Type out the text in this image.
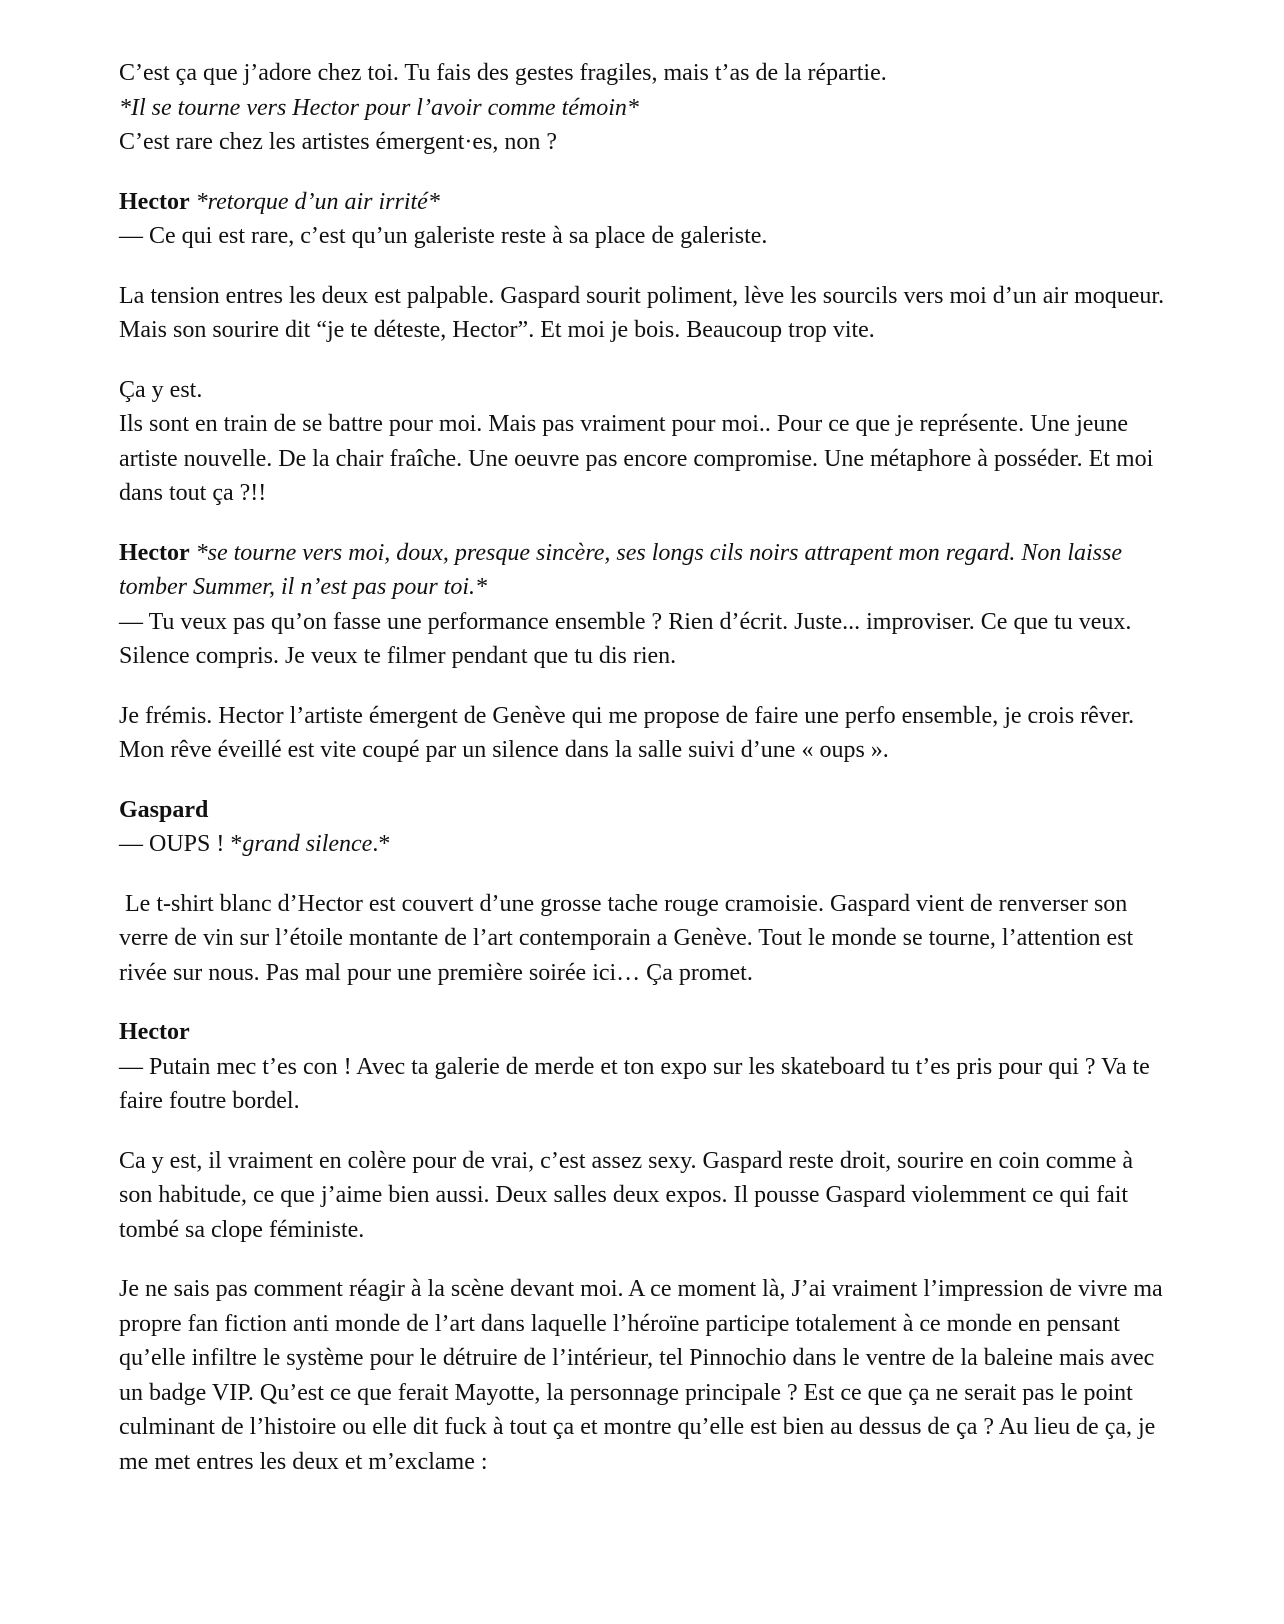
C’est ça que j’adore chez toi. Tu fais des gestes fragiles, mais t’as de la répartie.
*Il se tourne vers Hector pour l’avoir comme témoin*
C’est rare chez les artistes émergent·es, non ?

Hector *retorque d’un air irrité*
— Ce qui est rare, c’est qu’un galeriste reste à sa place de galeriste.

La tension entres les deux est palpable. Gaspard sourit poliment, lève les sourcils vers moi d’un air moqueur. Mais son sourire dit “je te déteste, Hector”. Et moi je bois. Beaucoup trop vite.

Ça y est.
Ils sont en train de se battre pour moi. Mais pas vraiment pour moi.. Pour ce que je représente. Une jeune artiste nouvelle. De la chair fraîche. Une oeuvre pas encore compromise. Une métaphore à posséder. Et moi dans tout ça ?!!

Hector *se tourne vers moi, doux, presque sincère, ses longs cils noirs attrapent mon regard. Non laisse tomber Summer, il n’est pas pour toi.*
— Tu veux pas qu’on fasse une performance ensemble ? Rien d’écrit. Juste... improviser. Ce que tu veux. Silence compris. Je veux te filmer pendant que tu dis rien.

Je frémis. Hector l’artiste émergent de Genève qui me propose de faire une perfo ensemble, je crois rêver. Mon rêve éveillé est vite coupé par un silence dans la salle suivi d’une « oups ».

Gaspard
— OUPS ! *grand silence.*

Le t-shirt blanc d’Hector est couvert d’une grosse tache rouge cramoisie. Gaspard vient de renverser son verre de vin sur l’étoile montante de l’art contemporain a Genève. Tout le monde se tourne, l’attention est rivée sur nous. Pas mal pour une première soirée ici… Ça promet.

Hector
— Putain mec t’es con ! Avec ta galerie de merde et ton expo sur les skateboard tu t’es pris pour qui ? Va te faire foutre bordel.

Ca y est, il vraiment en colère pour de vrai, c’est assez sexy. Gaspard reste droit, sourire en coin comme à son habitude, ce que j’aime bien aussi. Deux salles deux expos. Il pousse Gaspard violemment ce qui fait tombé sa clope féministe.

Je ne sais pas comment réagir à la scène devant moi. A ce moment là, J’ai vraiment l’impression de vivre ma propre fan fiction anti monde de l’art dans laquelle l’héroïne participe totalement à ce monde en pensant qu’elle infiltre le système pour le détruire de l’intérieur, tel Pinnochio dans le ventre de la baleine mais avec un badge VIP. Qu’est ce que ferait Mayotte, la personnage principale ? Est ce que ça ne serait pas le point culminant de l’histoire ou elle dit fuck à tout ça et montre qu’elle est bien au dessus de ça ? Au lieu de ça, je me met entres les deux et m’exclame :
